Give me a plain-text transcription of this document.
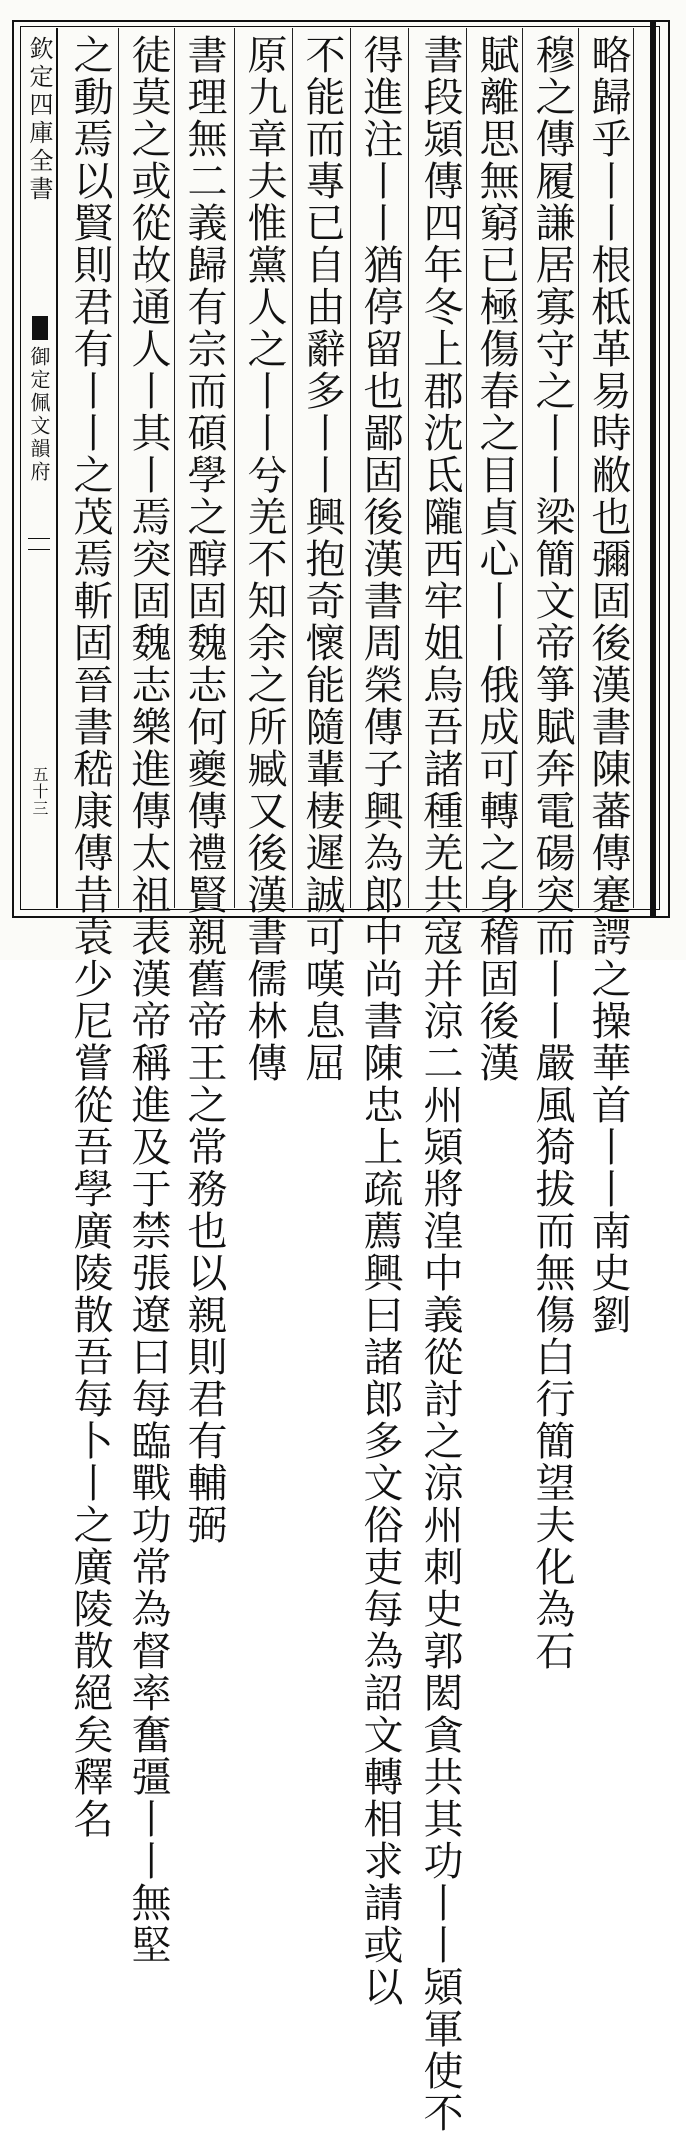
欽定四庫全書
御定佩文韻府
五十三	略歸乎丨丨根柢革易時敝也彌固後漢書陳蕃傳蹇諤之操華首丨丨南史劉
穆之傳履謙居寡守之丨丨梁簡文帝箏賦奔電碭突而丨丨嚴風猗拔而無傷白行簡望夫化為石
賦離思無窮已極傷春之目貞心丨丨俄成可轉之身稽固後漢
書段熲傳四年冬上郡沈氐隴西牢姐烏吾諸種羌共寇并涼二州熲將湟中義從討之涼州刺史郭閎貪共其功丨丨熲軍使不
得進注丨丨猶停留也鄙固後漢書周榮傳子興為郎中尚書陳忠上疏薦興曰諸郎多文俗吏每為詔文轉相求請或以
不能而專已自由辭多丨丨興抱奇懷能隨輩棲遲誠可嘆息屈
原九章夫惟黨人之丨丨兮羌不知余之所臧又後漢書儒林傳
書理無二義歸有宗而碩學之醇固魏志何夔傳禮賢親舊帝王之常務也以親則君有輔弼
徒莫之或從故通人丨其丨焉突固魏志樂進傳太祖表漢帝稱進及于禁張遼曰每臨戰功常為督率奮彊丨丨無堅
之動焉以賢則君有丨丨之茂焉斬固晉書嵇康傳昔袁少尼嘗從吾學廣陵散吾每卜丨之廣陵散絕矣釋名
